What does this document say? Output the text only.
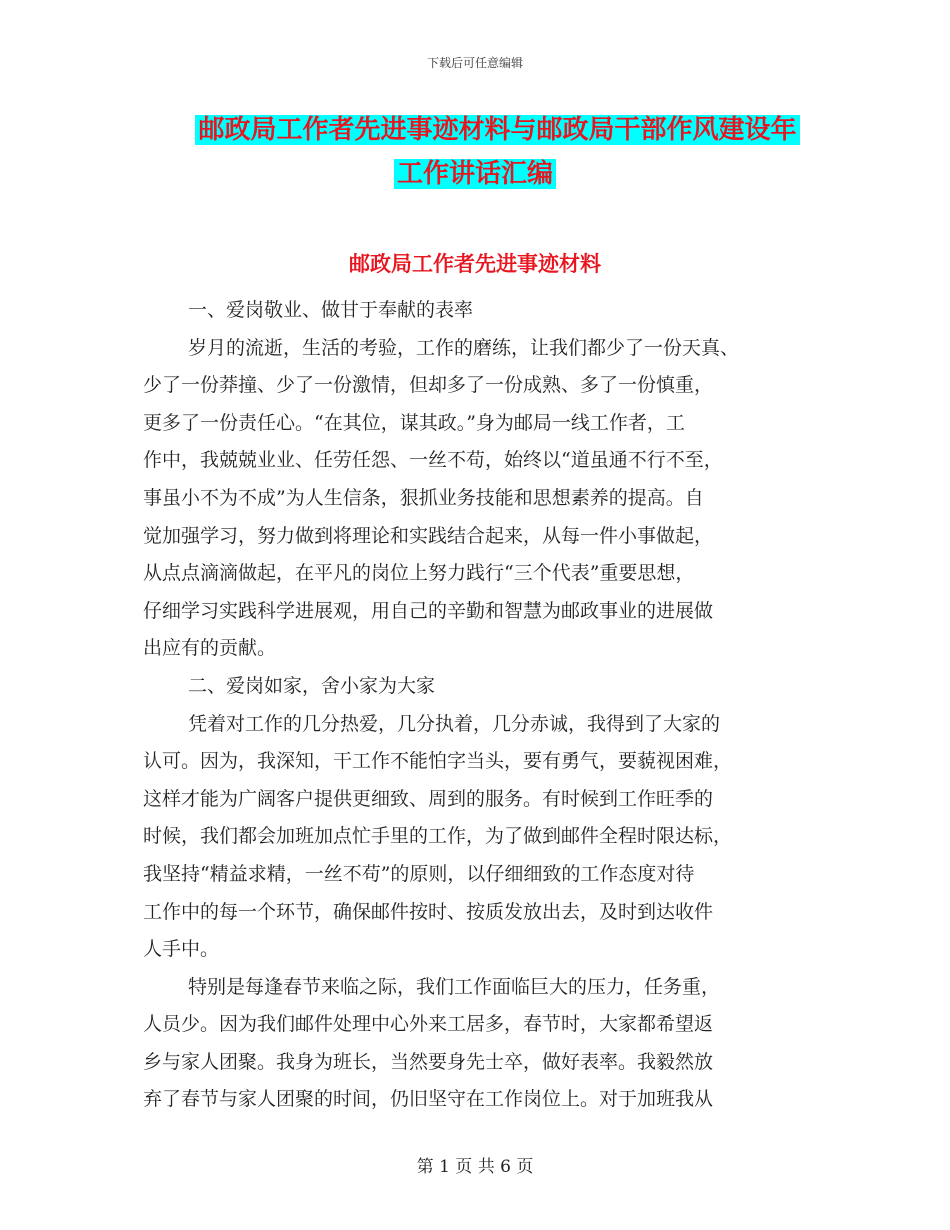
下载后可任意编辑
邮政局工作者先进事迹材料与邮政局干部作风建设年
工作讲话汇编
邮政局工作者先进事迹材料
一、爱岗敬业、做甘于奉献的表率
岁月的流逝，生活的考验，工作的磨练，让我们都少了一份天真、
少了一份莽撞、少了一份激情，但却多了一份成熟、多了一份慎重，
更多了一份责任心。“在其位，谋其政。”身为邮局一线工作者，工
作中，我兢兢业业、任劳任怨、一丝不苟，始终以“道虽通不行不至，
事虽小不为不成”为人生信条，狠抓业务技能和思想素养的提高。自
觉加强学习，努力做到将理论和实践结合起来，从每一件小事做起，
从点点滴滴做起，在平凡的岗位上努力践行“三个代表”重要思想，
仔细学习实践科学进展观，用自己的辛勤和智慧为邮政事业的进展做
出应有的贡献。
二、爱岗如家，舍小家为大家
凭着对工作的几分热爱，几分执着，几分赤诚，我得到了大家的
认可。因为，我深知，干工作不能怕字当头，要有勇气，要藐视困难，
这样才能为广阔客户提供更细致、周到的服务。有时候到工作旺季的
时候，我们都会加班加点忙手里的工作，为了做到邮件全程时限达标，
我坚持“精益求精，一丝不苟”的原则，以仔细细致的工作态度对待
工作中的每一个环节，确保邮件按时、按质发放出去，及时到达收件
人手中。
特别是每逢春节来临之际，我们工作面临巨大的压力，任务重，
人员少。因为我们邮件处理中心外来工居多，春节时，大家都希望返
乡与家人团聚。我身为班长，当然要身先士卒，做好表率。我毅然放
弃了春节与家人团聚的时间，仍旧坚守在工作岗位上。对于加班我从
第 1 页 共 6 页
